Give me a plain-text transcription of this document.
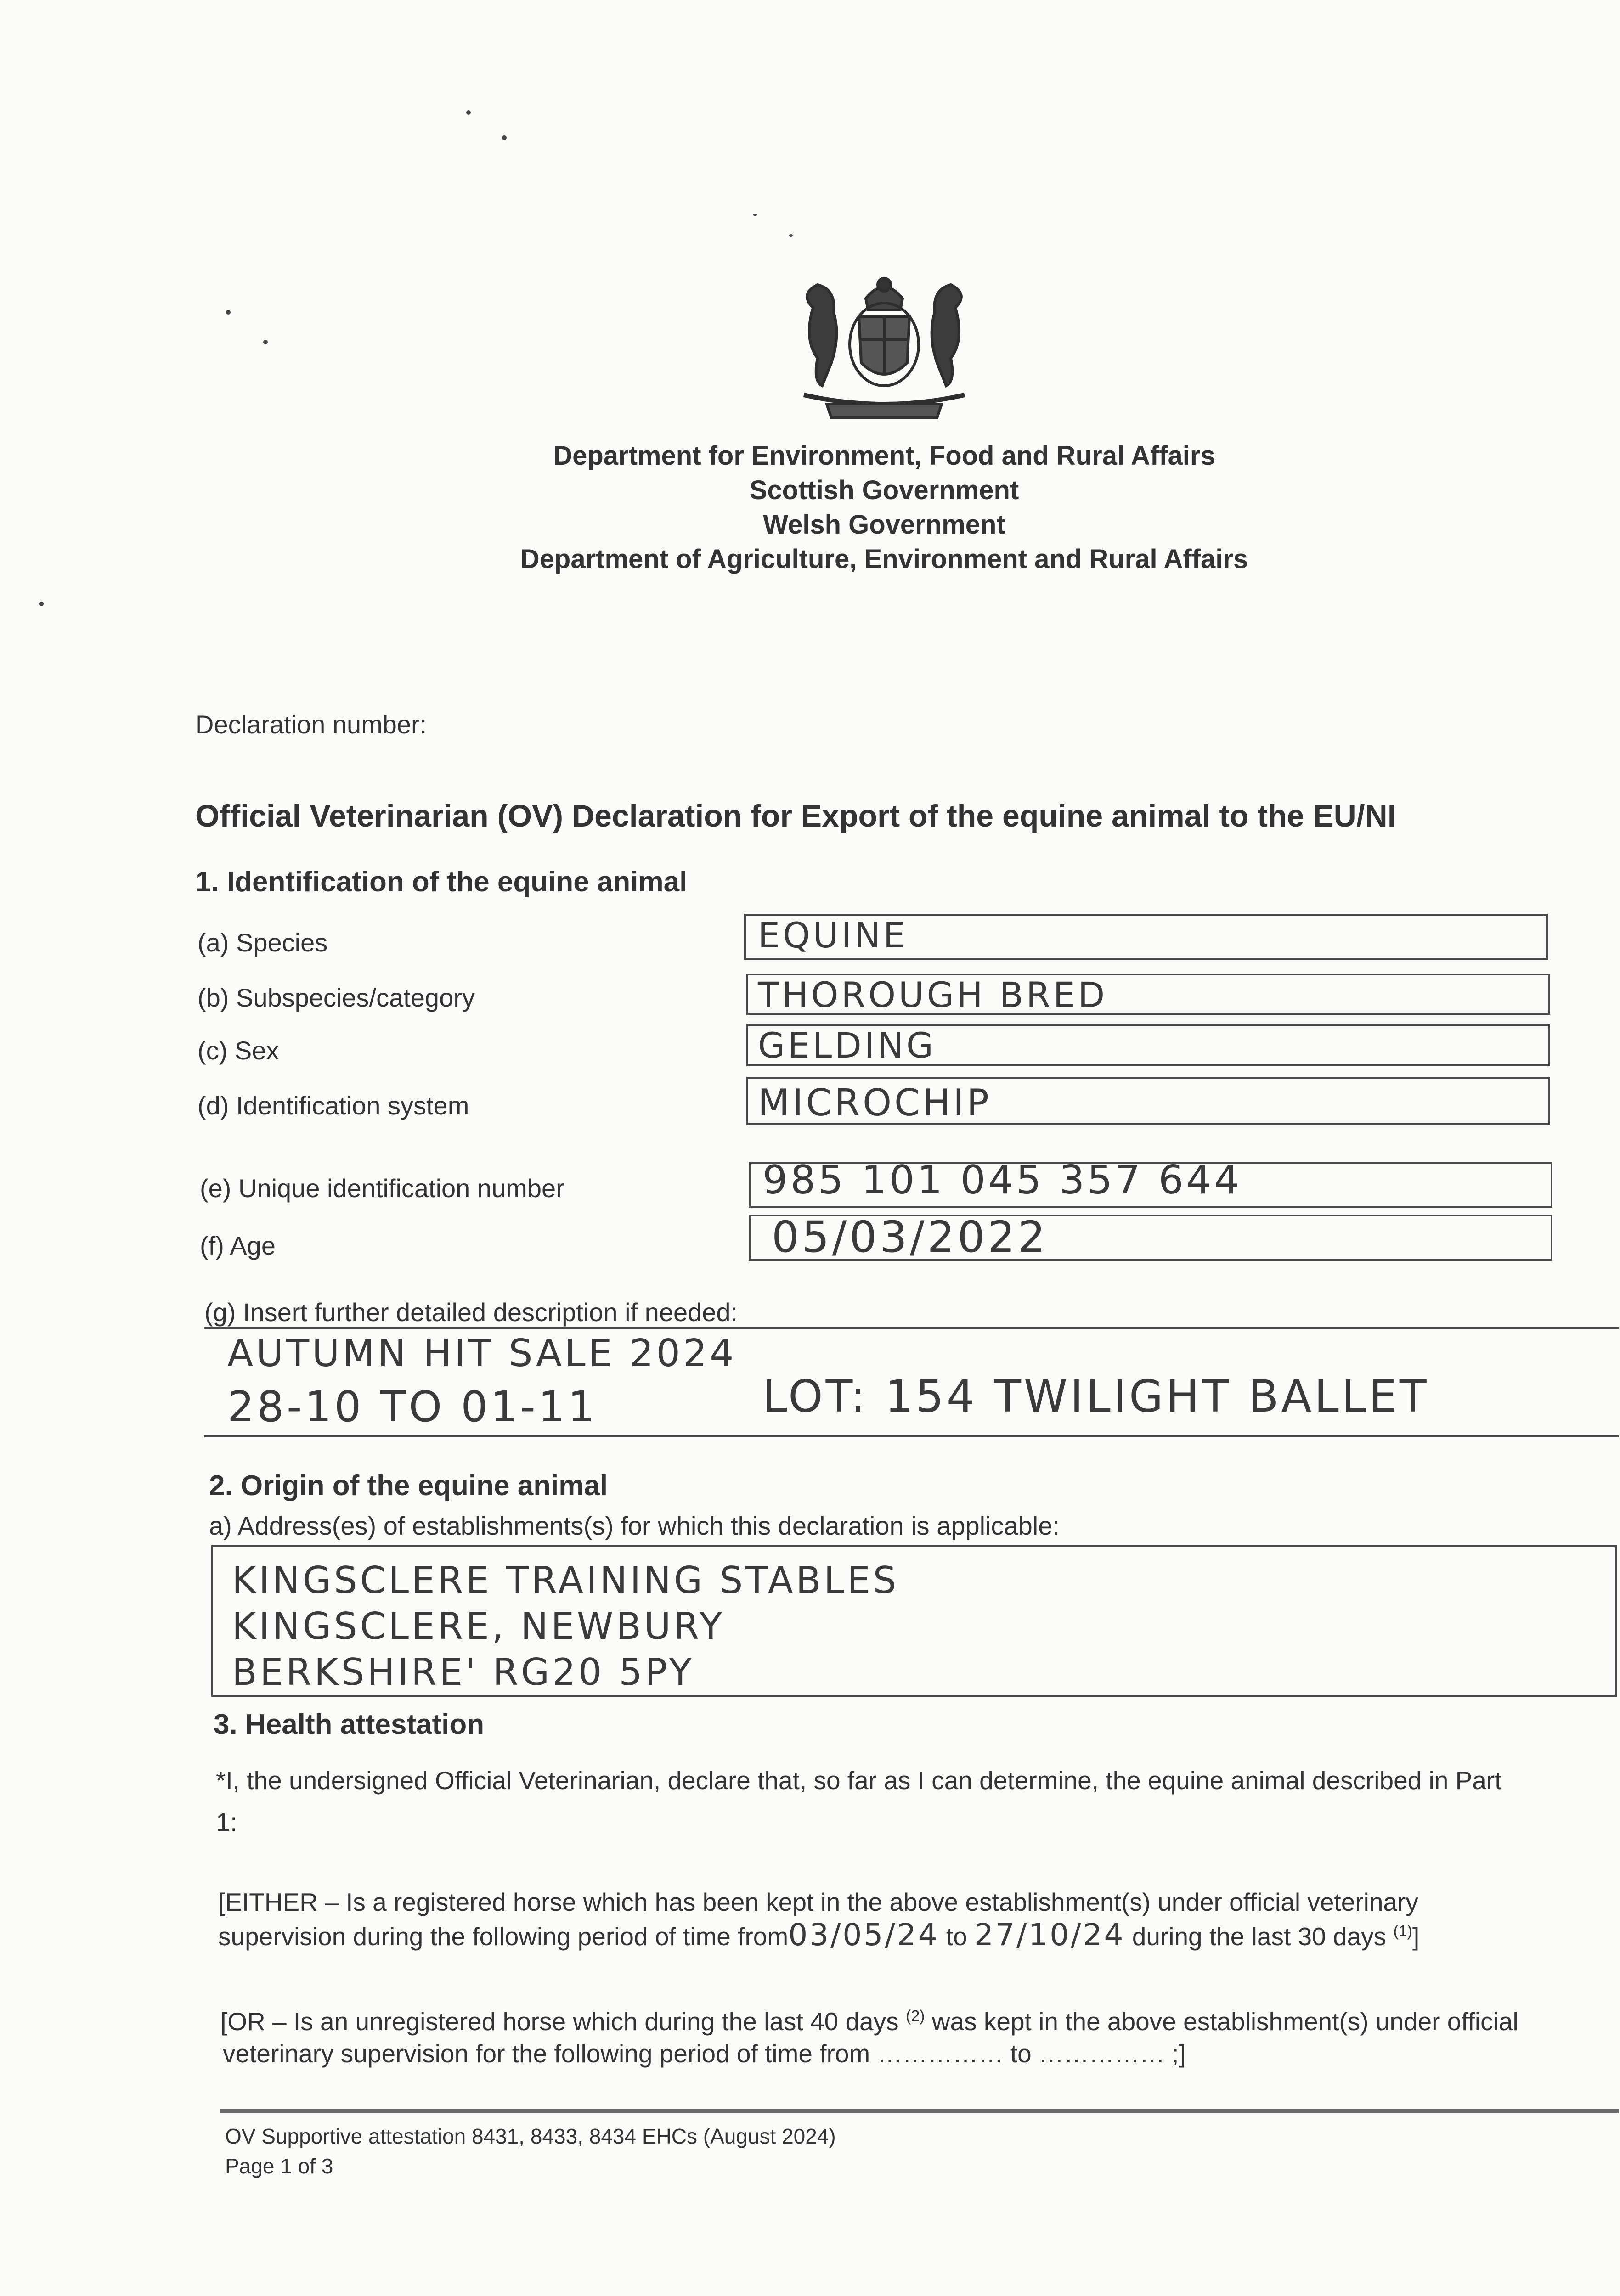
Department for Environment, Food and Rural Affairs
Scottish Government
Welsh Government
Department of Agriculture, Environment and Rural Affairs
Declaration number:
Official Veterinarian (OV) Declaration for Export of the equine animal to the EU/NI
1. Identification of the equine animal
(a) Species	EQUINE
(b) Subspecies/category	THOROUGH BRED
(c) Sex	GELDING
(d) Identification system	MICROCHIP
(e) Unique identification number	985 101 045 357 644
(f) Age	05/03/2022
(g) Insert further detailed description if needed:
AUTUMN HIT SALE 2024
28-10 TO 01-11	LOT: 154 TWILIGHT BALLET
2. Origin of the equine animal
a) Address(es) of establishments(s) for which this declaration is applicable:
KINGSCLERE TRAINING STABLES
KINGSCLERE, NEWBURY
BERKSHIRE' RG20 5PY
3. Health attestation
*I, the undersigned Official Veterinarian, declare that, so far as I can determine, the equine animal described in Part
1:
[EITHER – Is a registered horse which has been kept in the above establishment(s) under official veterinary
supervision during the following period of time from03/05/24 to 27/10/24 during the last 30 days $^{(1)}$]
[OR – Is an unregistered horse which during the last 40 days $^{(2)}$ was kept in the above establishment(s) under official
veterinary supervision for the following period of time from …………… to …………… ;]
OV Supportive attestation 8431, 8433, 8434 EHCs (August 2024)
Page 1 of 3
